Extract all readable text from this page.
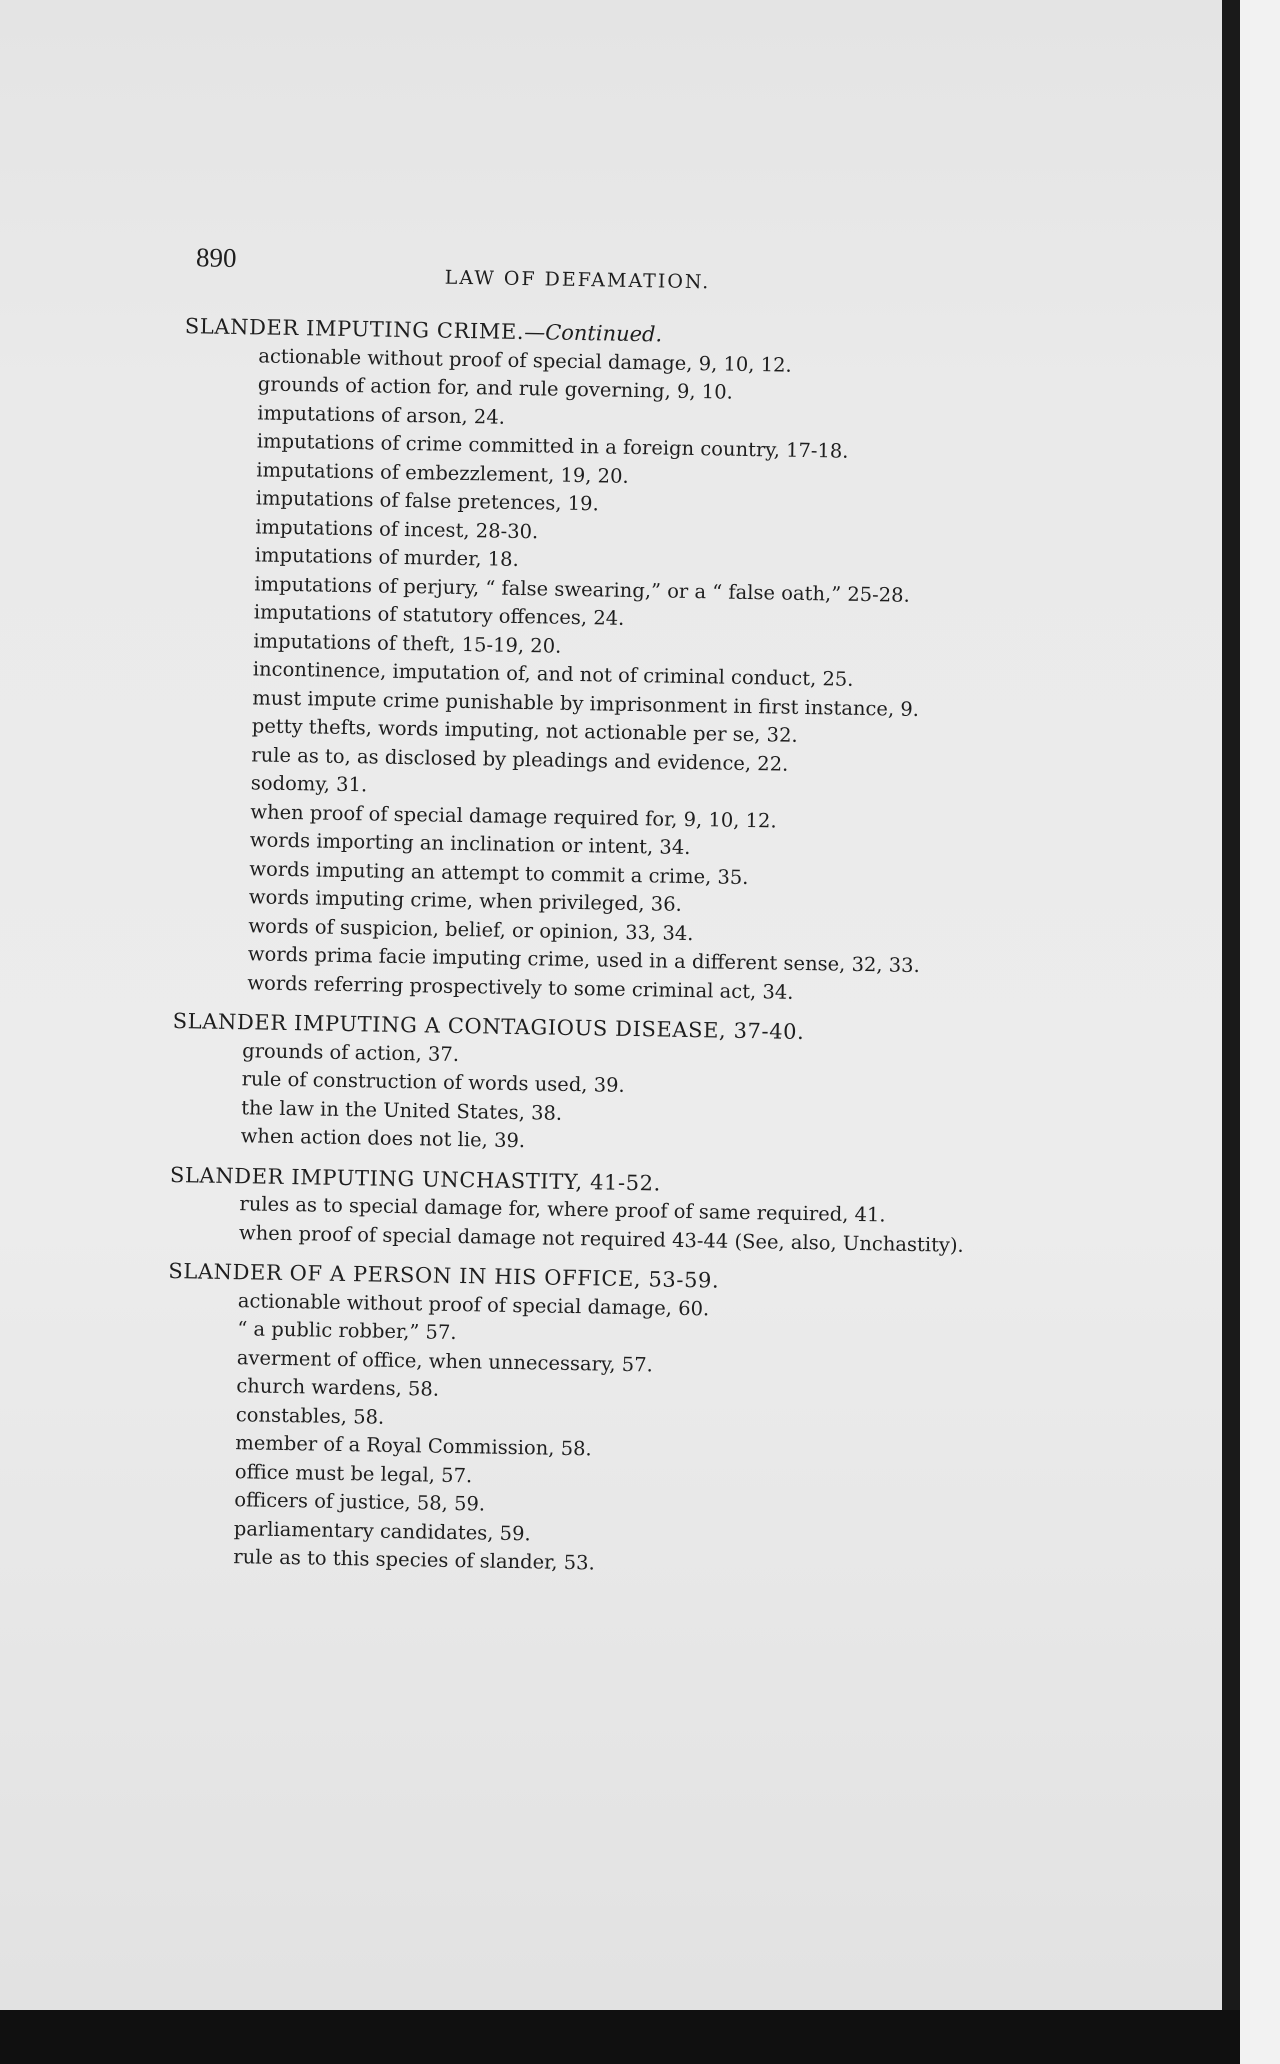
890
LAW OF DEFAMATION.
SLANDER IMPUTING CRIME.—Continued.
actionable without proof of special damage, 9, 10, 12.
grounds of action for, and rule governing, 9, 10.
imputations of arson, 24.
imputations of crime committed in a foreign country, 17-18.
imputations of embezzlement, 19, 20.
imputations of false pretences, 19.
imputations of incest, 28-30.
imputations of murder, 18.
imputations of perjury, “ false swearing,” or a “ false oath,” 25-28.
imputations of statutory offences, 24.
imputations of theft, 15-19, 20.
incontinence, imputation of, and not of criminal conduct, 25.
must impute crime punishable by imprisonment in first instance, 9.
petty thefts, words imputing, not actionable per se, 32.
rule as to, as disclosed by pleadings and evidence, 22.
sodomy, 31.
when proof of special damage required for, 9, 10, 12.
words importing an inclination or intent, 34.
words imputing an attempt to commit a crime, 35.
words imputing crime, when privileged, 36.
words of suspicion, belief, or opinion, 33, 34.
words prima facie imputing crime, used in a different sense, 32, 33.
words referring prospectively to some criminal act, 34.
SLANDER IMPUTING A CONTAGIOUS DISEASE, 37-40.
grounds of action, 37.
rule of construction of words used, 39.
the law in the United States, 38.
when action does not lie, 39.
SLANDER IMPUTING UNCHASTITY, 41-52.
rules as to special damage for, where proof of same required, 41.
when proof of special damage not required 43-44 (See, also, Unchastity).
SLANDER OF A PERSON IN HIS OFFICE, 53-59.
actionable without proof of special damage, 60.
“ a public robber,” 57.
averment of office, when unnecessary, 57.
church wardens, 58.
constables, 58.
member of a Royal Commission, 58.
office must be legal, 57.
officers of justice, 58, 59.
parliamentary candidates, 59.
rule as to this species of slander, 53.
